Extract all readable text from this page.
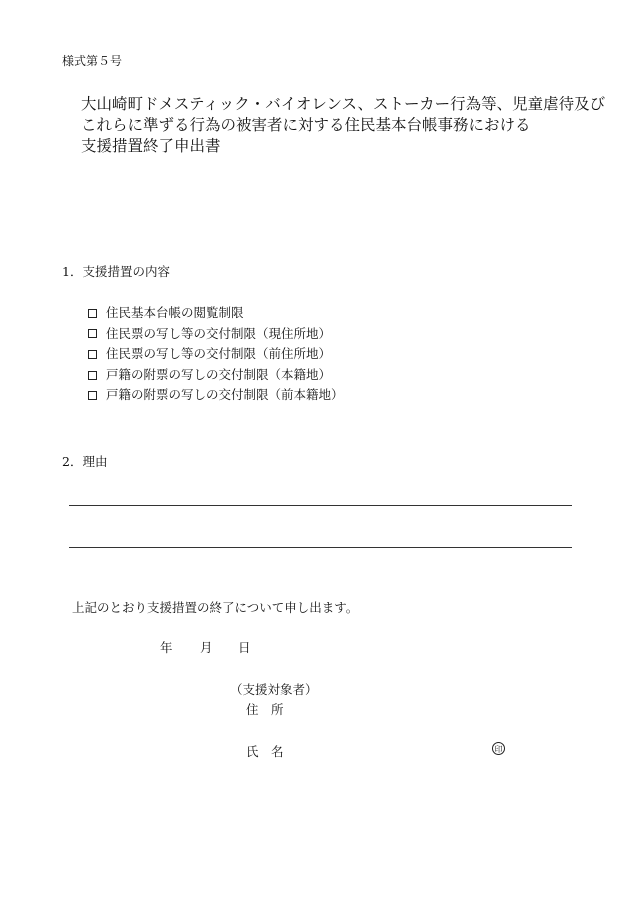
様式第５号
大山崎町ドメスティック・バイオレンス、ストーカー行為等、児童虐待及び
これらに準ずる行為の被害者に対する住民基本台帳事務における
支援措置終了申出書
1．支援措置の内容
住民基本台帳の閲覧制限
住民票の写し等の交付制限（現住所地）
住民票の写し等の交付制限（前住所地）
戸籍の附票の写しの交付制限（本籍地）
戸籍の附票の写しの交付制限（前本籍地）
2．理由
上記のとおり支援措置の終了について申し出ます。
年 月 日
（支援対象者）
住　所
氏　名	印
